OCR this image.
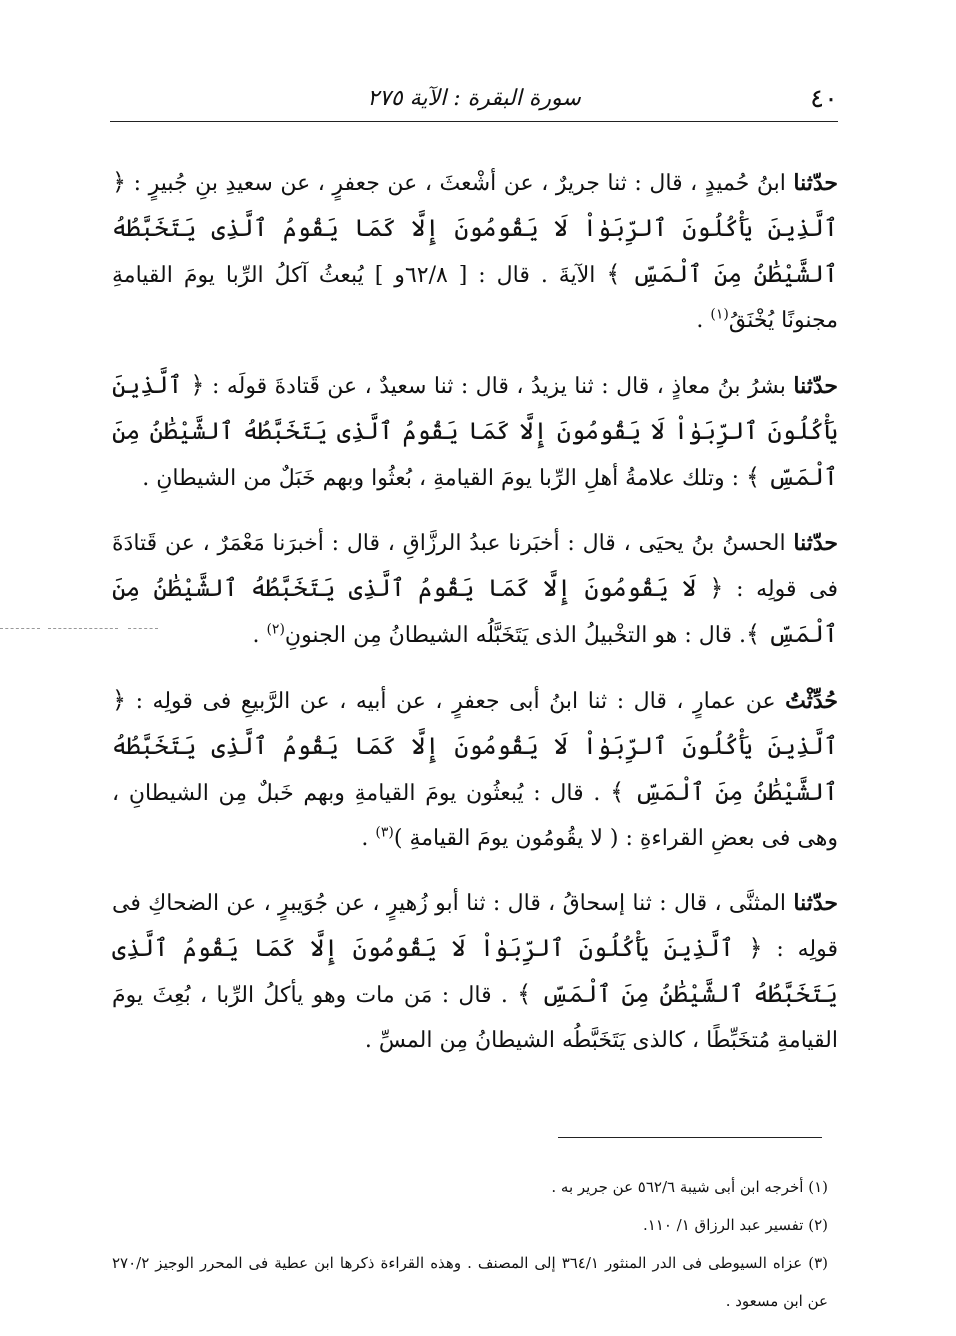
٤٠
سورة البقرة : الآية ٢٧٥

حدّثنا ابنُ حُميدٍ ، قال : ثنا جريرٌ ، عن أشْعثَ ، عن جعفرٍ ، عن سعيدِ بنِ جُبيرٍ : ﴿ ٱلَّذِينَ يَأْكُلُونَ ٱلرِّبَوٰاْ لَا يَقُومُونَ إِلَّا كَمَا يَقُومُ ٱلَّذِى يَتَخَبَّطُهُ ٱلشَّيْطَٰنُ مِنَ ٱلْمَسِّ ﴾ الآيةَ . قال : [ ٦٢/٨و ] يُبعثُ آكلُ الرِّبا يومَ القيامةِ مجنونًا يُخْنَقُ$^{(١)}$ .

حدّثنا بشرُ بنُ معاذٍ ، قال : ثنا يزيدُ ، قال : ثنا سعيدٌ ، عن قَتادةَ قولَه : ﴿ ٱلَّذِينَ يَأْكُلُونَ ٱلرِّبَوٰاْ لَا يَقُومُونَ إِلَّا كَمَا يَقُومُ ٱلَّذِى يَتَخَبَّطُهُ ٱلشَّيْطَٰنُ مِنَ ٱلْمَسِّ ﴾ : وتلك علامةُ أهلِ الرِّبا يومَ القيامةِ ، بُعثُوا وبهم خَبَلٌ من الشيطانِ .

حدّثنا الحسنُ بنُ يحيَى ، قال : أخبَرنا عبدُ الرزَّاقِ ، قال : أخبرَنا مَعْمَرٌ ، عن قَتادَةَ فى قولِه : ﴿ لَا يَقُومُونَ إِلَّا كَمَا يَقُومُ ٱلَّذِى يَتَخَبَّطُهُ ٱلشَّيْطَٰنُ مِنَ ٱلْمَسِّ ﴾. قال : هو التخْبيلُ الذى يَتَخَبَّلُه الشيطانُ مِن الجنونِ$^{(٢)}$ .

حُدِّثْتُ عن عمارٍ ، قال : ثنا ابنُ أبى جعفرٍ ، عن أبيه ، عن الرَّبيعِ فى قولِه : ﴿ ٱلَّذِينَ يَأْكُلُونَ ٱلرِّبَوٰاْ لَا يَقُومُونَ إِلَّا كَمَا يَقُومُ ٱلَّذِى يَتَخَبَّطُهُ ٱلشَّيْطَٰنُ مِنَ ٱلْمَسِّ ﴾ . قال : يُبعثُون يومَ القيامةِ وبهم خَبلٌ مِن الشيطانِ ، وهى فى بعضِ القراءةِ : ( لا يقُومُون يومَ القيامةِ )$^{(٣)}$ .

حدّثنا المثنَّى ، قال : ثنا إسحاقُ ، قال : ثنا أبو زُهيرٍ ، عن جُوَيبرٍ ، عن الضحاكِ فى قولِه : ﴿ ٱلَّذِينَ يَأْكُلُونَ ٱلرِّبَوٰاْ لَا يَقُومُونَ إِلَّا كَمَا يَقُومُ ٱلَّذِى يَتَخَبَّطُهُ ٱلشَّيْطَٰنُ مِنَ ٱلْمَسِّ ﴾ . قال : مَن مات وهو يأكلُ الرِّبا ، بُعِثَ يومَ القيامةِ مُتخَبِّطًا ، كالذى يَتَخَبَّطُه الشيطانُ مِن المسِّ .

(١) أخرجه ابن أبى شيبة ٥٦٢/٦ عن جرير به .

(٢) تفسير عبد الرزاق ١/ ١١٠.

(٣) عزاه السيوطى فى الدر المنثور ٣٦٤/١ إلى المصنف . وهذه القراءة ذكرها ابن عطية فى المحرر الوجيز ٢٧٠/٢ عن ابن مسعود .
